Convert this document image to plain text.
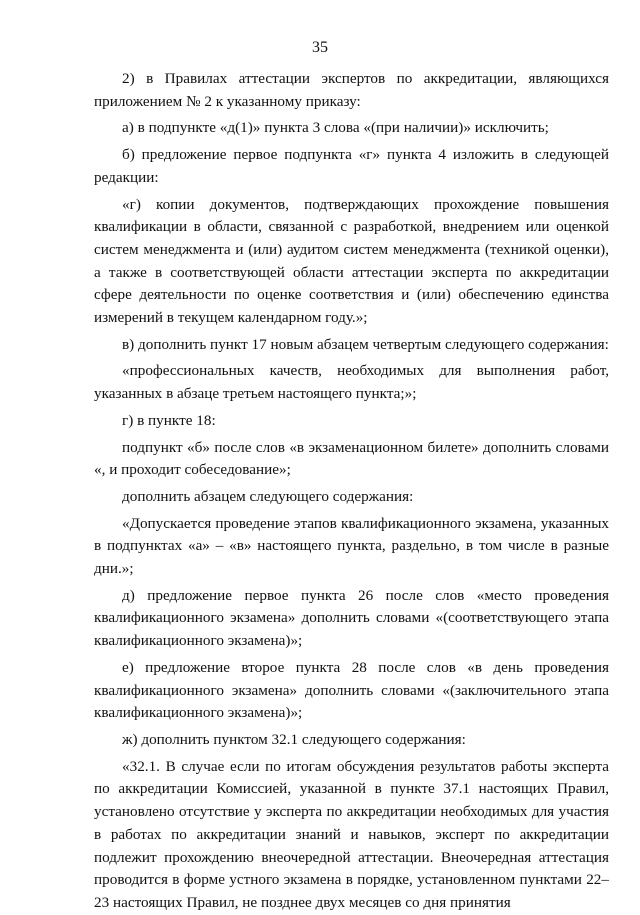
35

2) в Правилах аттестации экспертов по аккредитации, являющихся приложением № 2 к указанному приказу:

а) в подпункте «д(1)» пункта 3 слова «(при наличии)» исключить;

б) предложение первое подпункта «г» пункта 4 изложить в следующей редакции:

«г) копии документов, подтверждающих прохождение повышения квалификации в области, связанной с разработкой, внедрением или оценкой систем менеджмента и (или) аудитом систем менеджмента (техникой оценки), а также в соответствующей области аттестации эксперта по аккредитации сфере деятельности по оценке соответствия и (или) обеспечению единства измерений в текущем календарном году.»;

в) дополнить пункт 17 новым абзацем четвертым следующего содержания:

«профессиональных качеств, необходимых для выполнения работ, указанных в абзаце третьем настоящего пункта;»;

г) в пункте 18:

подпункт «б» после слов «в экзаменационном билете» дополнить словами «, и проходит собеседование»;

дополнить абзацем следующего содержания:

«Допускается проведение этапов квалификационного экзамена, указанных в подпунктах «а» – «в» настоящего пункта, раздельно, в том числе в разные дни.»;

д) предложение первое пункта 26 после слов «место проведения квалификационного экзамена» дополнить словами «(соответствующего этапа квалификационного экзамена)»;

е) предложение второе пункта 28 после слов «в день проведения квалификационного экзамена» дополнить словами «(заключительного этапа квалификационного экзамена)»;

ж) дополнить пунктом 32.1 следующего содержания:

«32.1. В случае если по итогам обсуждения результатов работы эксперта по аккредитации Комиссией, указанной в пункте 37.1 настоящих Правил, установлено отсутствие у эксперта по аккредитации необходимых для участия в работах по аккредитации знаний и навыков, эксперт по аккредитации подлежит прохождению внеочередной аттестации. Внеочередная аттестация проводится в форме устного экзамена в порядке, установленном пунктами 22–23 настоящих Правил, не позднее двух месяцев со дня принятия
